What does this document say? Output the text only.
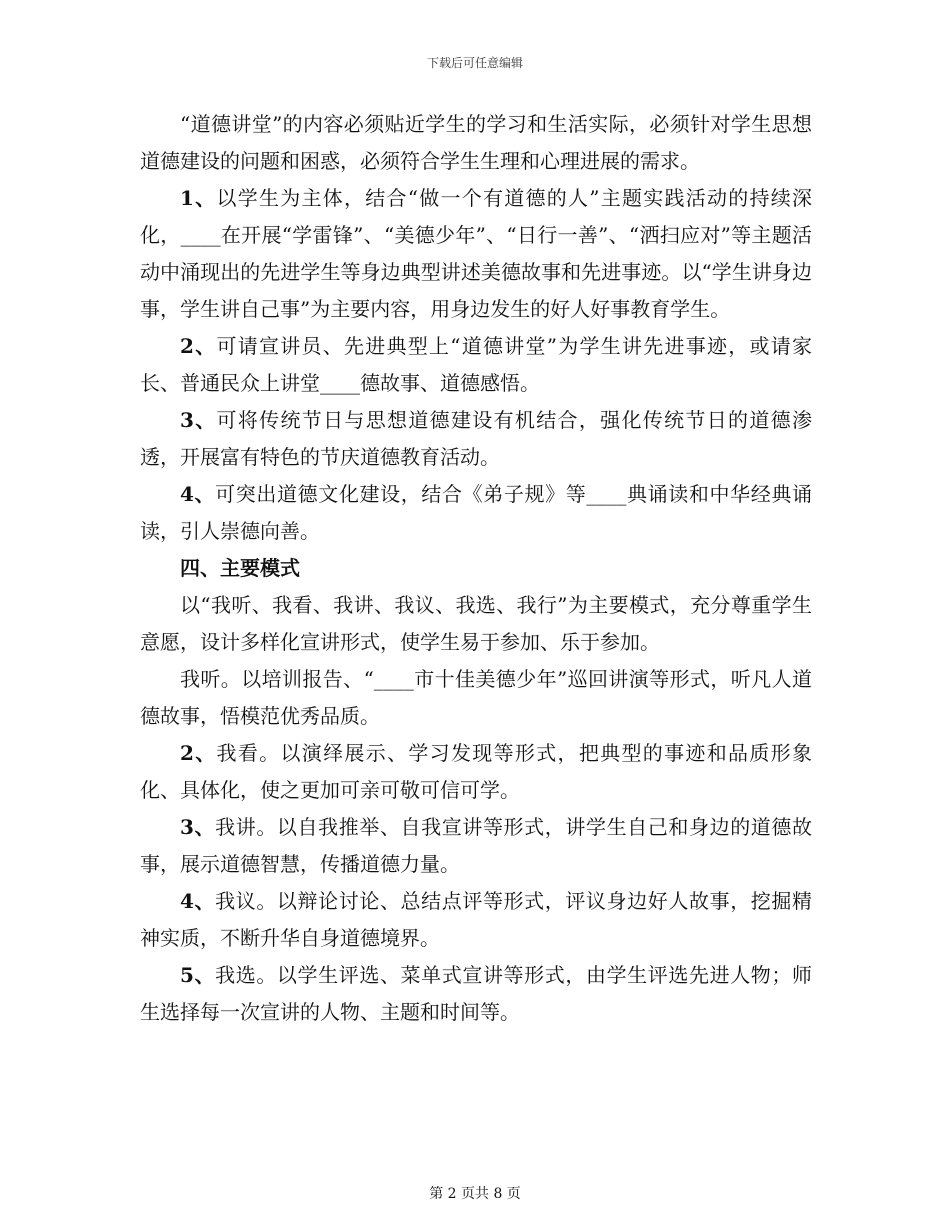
下载后可任意编辑

“道德讲堂”的内容必须贴近学生的学习和生活实际，必须针对学生思想道德建设的问题和困惑，必须符合学生生理和心理进展的需求。

1、以学生为主体，结合“做一个有道德的人”主题实践活动的持续深化，____在开展“学雷锋”、“美德少年”、“日行一善”、“洒扫应对”等主题活动中涌现出的先进学生等身边典型讲述美德故事和先进事迹。以“学生讲身边事，学生讲自己事”为主要内容，用身边发生的好人好事教育学生。

2、可请宣讲员、先进典型上“道德讲堂”为学生讲先进事迹，或请家长、普通民众上讲堂____德故事、道德感悟。

3、可将传统节日与思想道德建设有机结合，强化传统节日的道德渗透，开展富有特色的节庆道德教育活动。

4、可突出道德文化建设，结合《弟子规》等____典诵读和中华经典诵读，引人崇德向善。

四、主要模式

以“我听、我看、我讲、我议、我选、我行”为主要模式，充分尊重学生意愿，设计多样化宣讲形式，使学生易于参加、乐于参加。

我听。以培训报告、“____市十佳美德少年”巡回讲演等形式，听凡人道德故事，悟模范优秀品质。

2、我看。以演绎展示、学习发现等形式，把典型的事迹和品质形象化、具体化，使之更加可亲可敬可信可学。

3、我讲。以自我推举、自我宣讲等形式，讲学生自己和身边的道德故事，展示道德智慧，传播道德力量。

4、我议。以辩论讨论、总结点评等形式，评议身边好人故事，挖掘精神实质，不断升华自身道德境界。

5、我选。以学生评选、菜单式宣讲等形式，由学生评选先进人物；师生选择每一次宣讲的人物、主题和时间等。

第 2 页共 8 页
